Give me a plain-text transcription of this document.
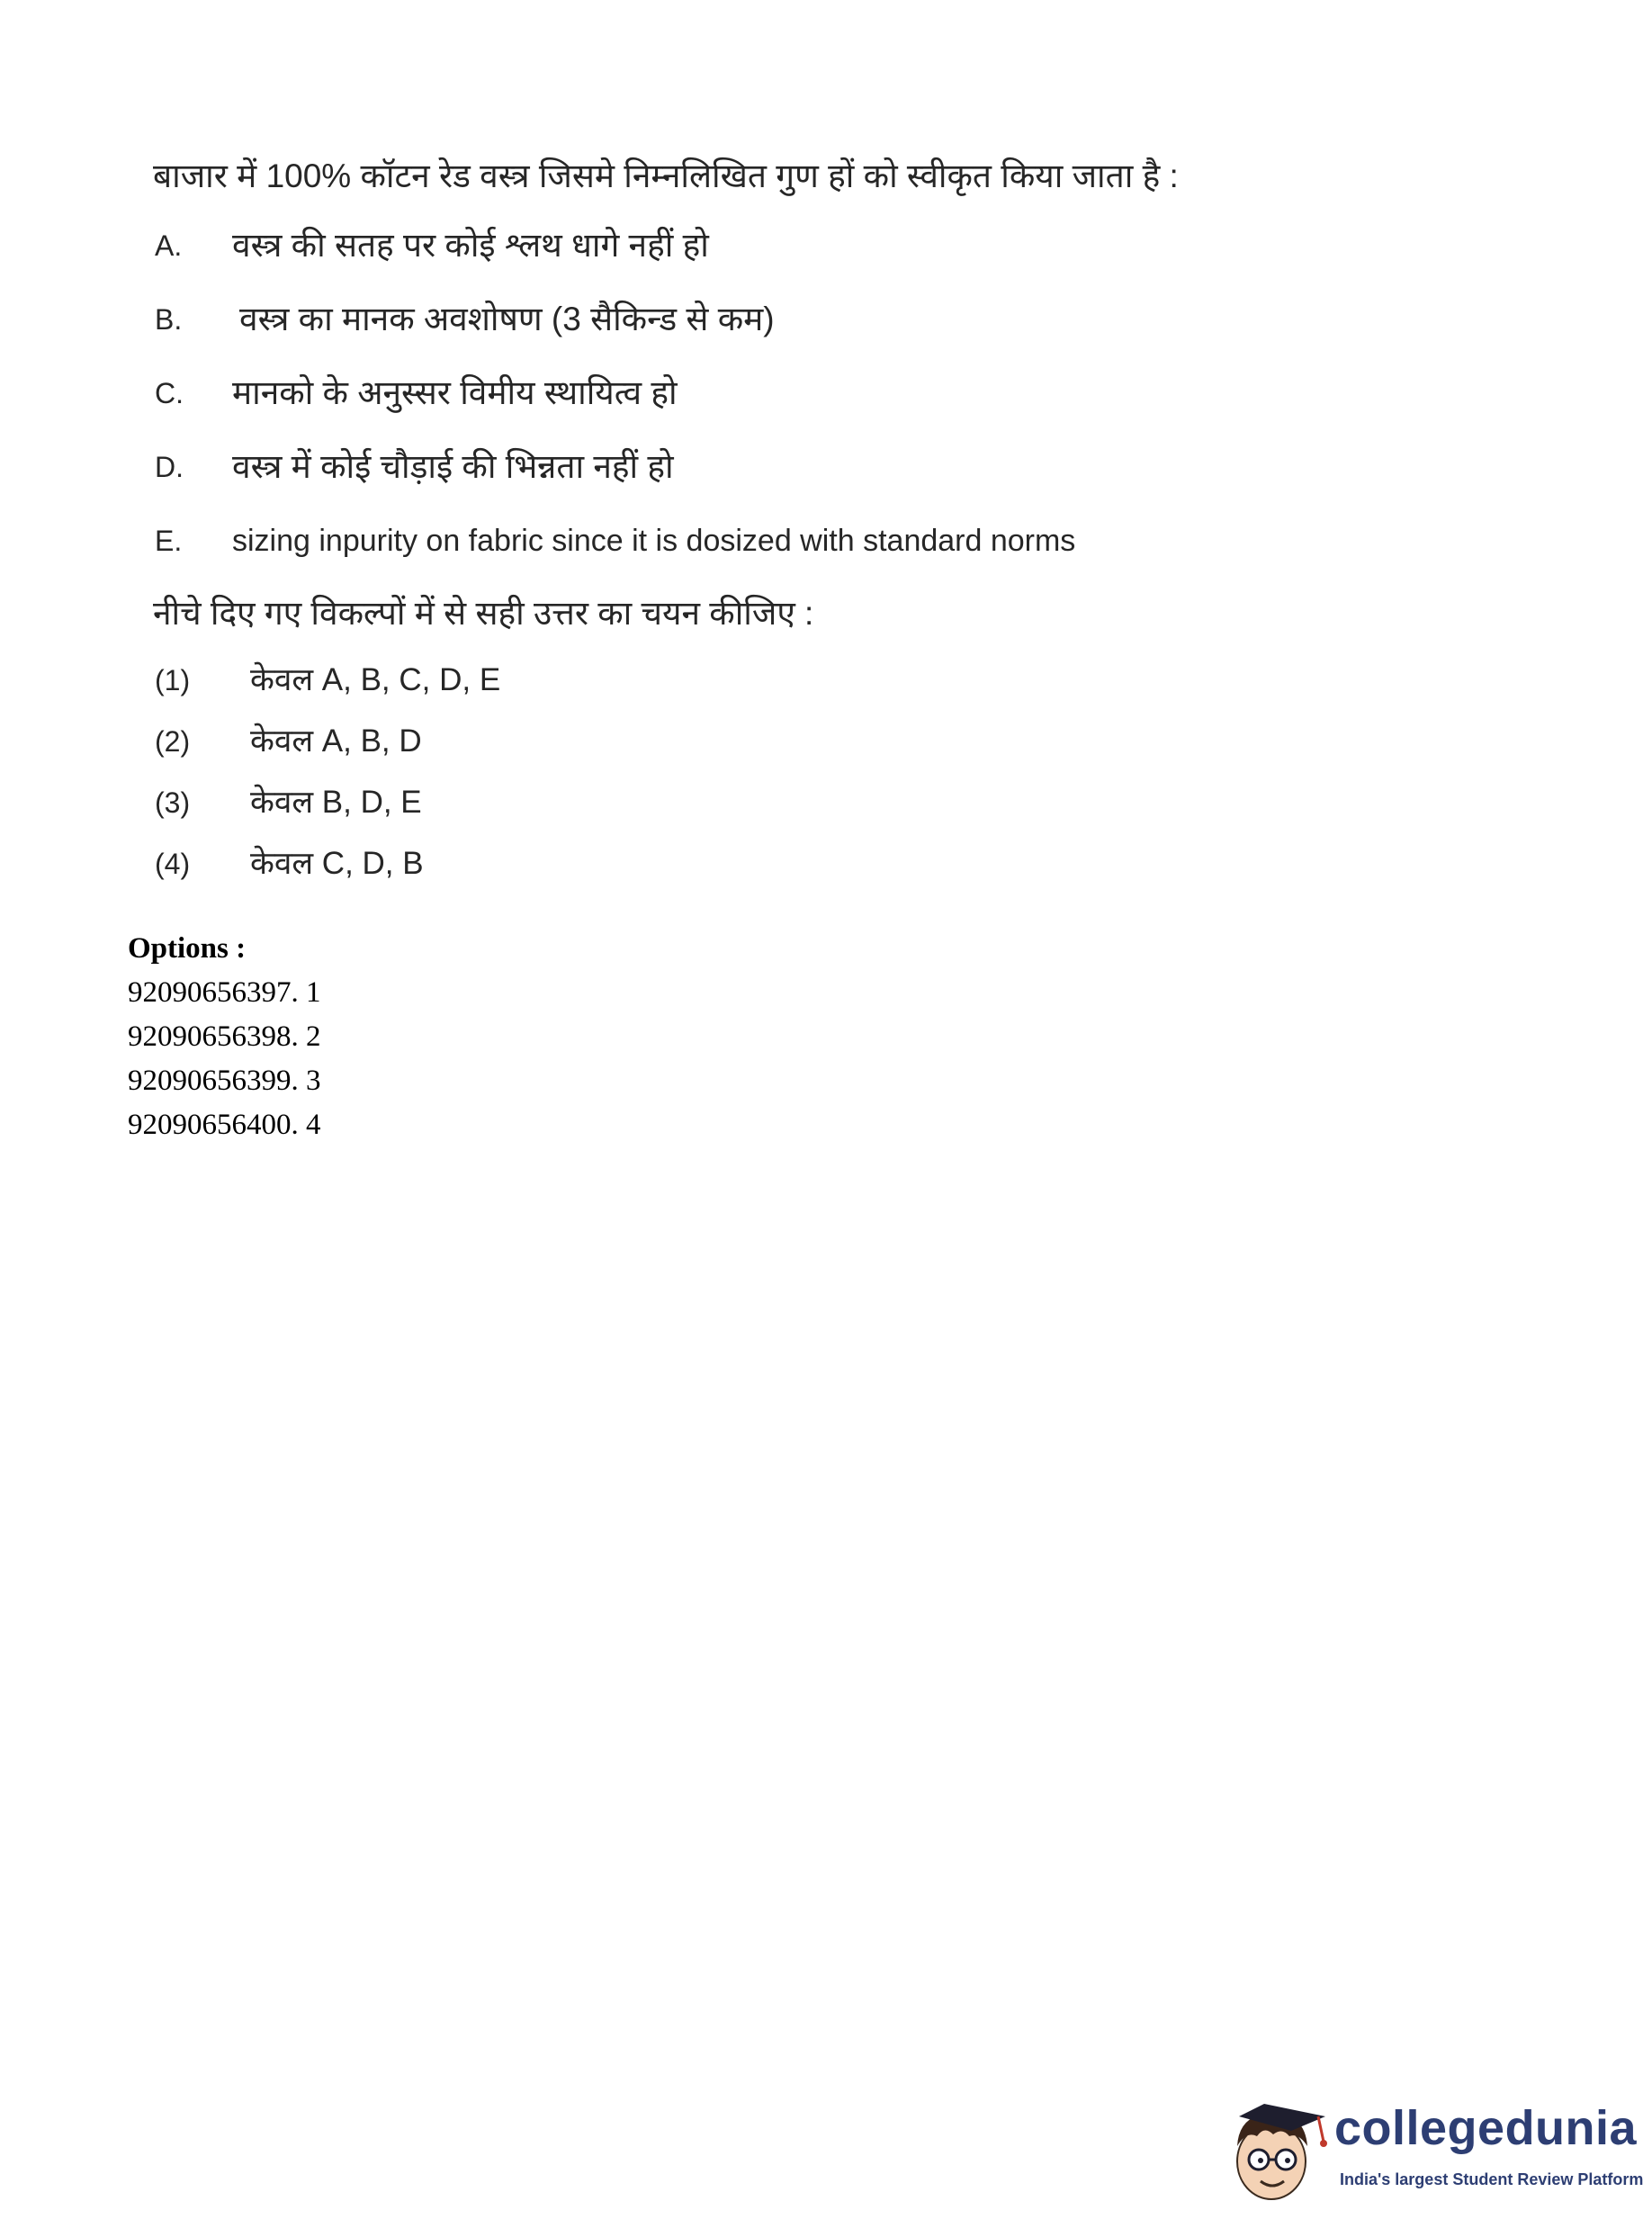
बाजार में 100% कॉटन रेड वस्त्र जिसमे निम्नलिखित गुण हों को स्वीकृत किया जाता है :

A.	वस्त्र की सतह पर कोई श्लथ धागे नहीं हो
B.	वस्त्र का मानक अवशोषण (3 सैकिन्ड से कम)
C.	मानको के अनुस्सर विमीय स्थायित्व हो
D.	वस्त्र में कोई चौड़ाई की भिन्नता नहीं हो
E.	sizing inpurity on fabric since it is dosized with standard norms
नीचे दिए गए विकल्पों में से सही उत्तर का चयन कीजिए :
(1)	केवल A, B, C, D, E
(2)	केवल A, B, D
(3)	केवल B, D, E
(4)	केवल C, D, B
Options :
92090656397. 1
92090656398. 2
92090656399. 3
92090656400. 4
collegedunia
India's largest Student Review Platform
